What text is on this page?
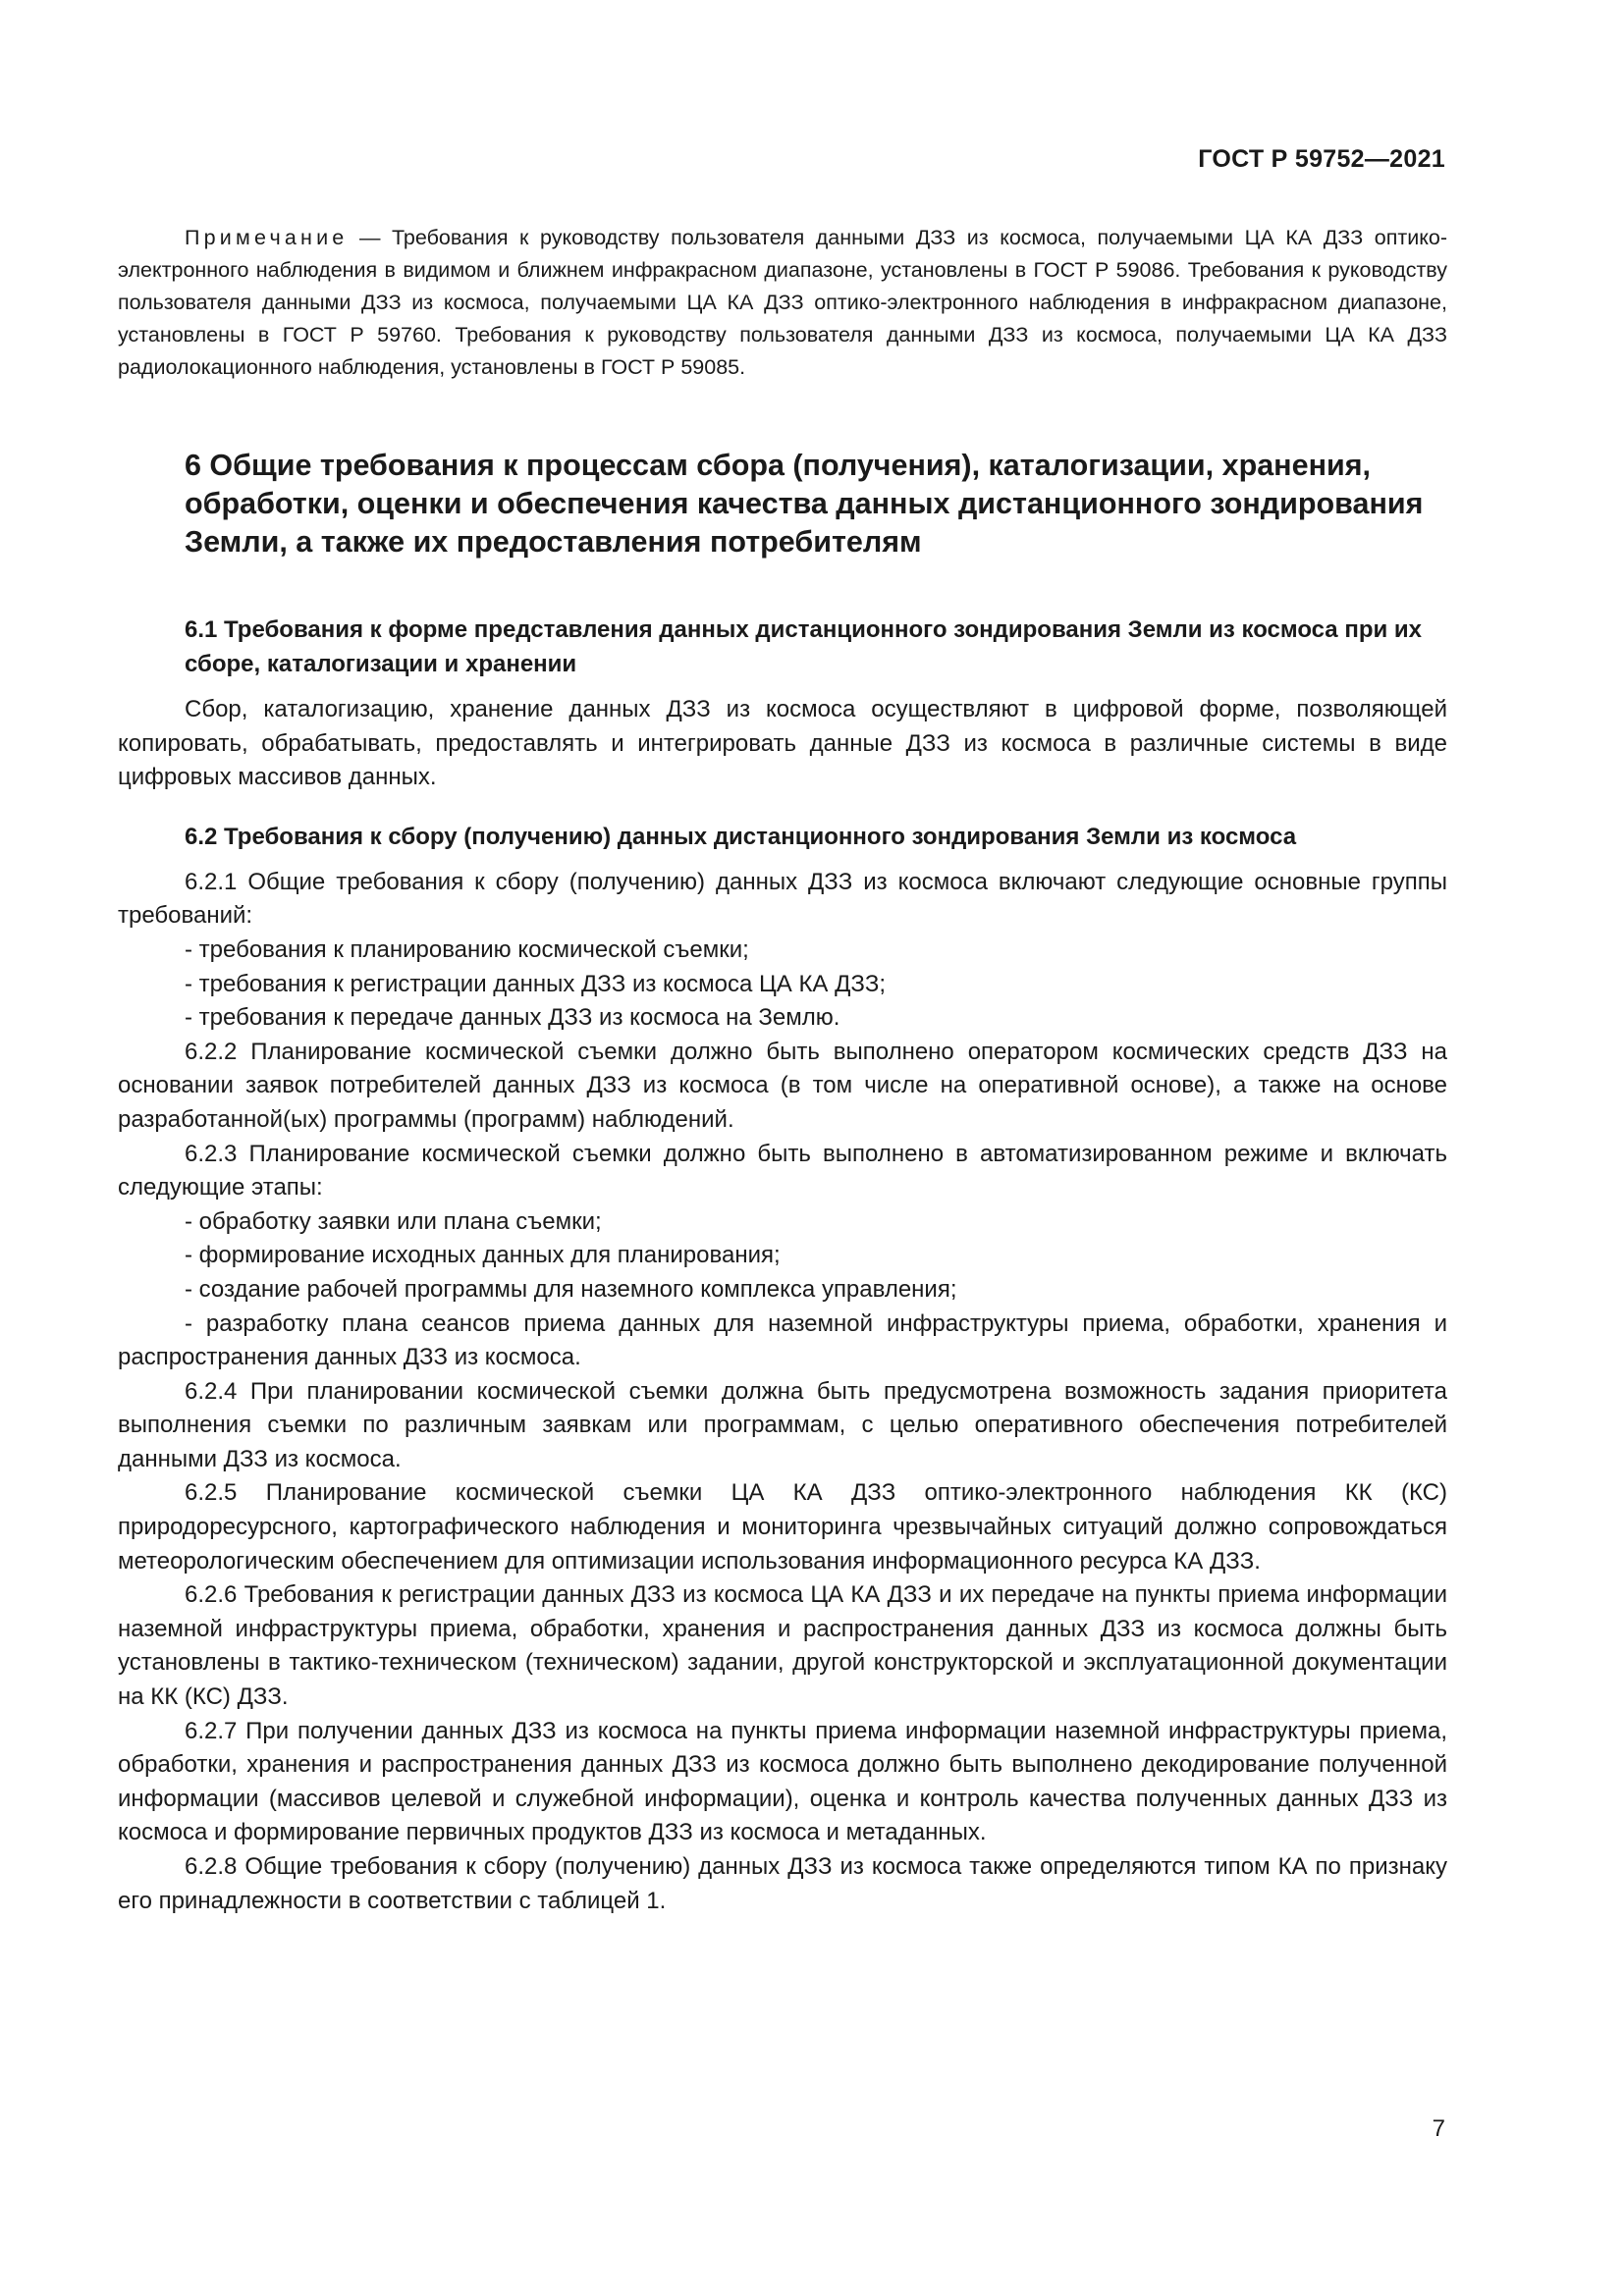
ГОСТ Р 59752—2021

Примечание — Требования к руководству пользователя данными ДЗЗ из космоса, получаемыми ЦА КА ДЗЗ оптико-электронного наблюдения в видимом и ближнем инфракрасном диапазоне, установлены в ГОСТ Р 59086. Требования к руководству пользователя данными ДЗЗ из космоса, получаемыми ЦА КА ДЗЗ оптико-электронного наблюдения в инфракрасном диапазоне, установлены в ГОСТ Р 59760. Требования к руководству пользователя данными ДЗЗ из космоса, получаемыми ЦА КА ДЗЗ радиолокационного наблюдения, установлены в ГОСТ Р 59085.

6 Общие требования к процессам сбора (получения), каталогизации, хранения, обработки, оценки и обеспечения качества данных дистанционного зондирования Земли, а также их предоставления потребителям
6.1 Требования к форме представления данных дистанционного зондирования Земли из космоса при их сборе, каталогизации и хранении

Сбор, каталогизацию, хранение данных ДЗЗ из космоса осуществляют в цифровой форме, позволяющей копировать, обрабатывать, предоставлять и интегрировать данные ДЗЗ из космоса в различные системы в виде цифровых массивов данных.

6.2 Требования к сбору (получению) данных дистанционного зондирования Земли из космоса

6.2.1 Общие требования к сбору (получению) данных ДЗЗ из космоса включают следующие основные группы требований:

- требования к планированию космической съемки;

- требования к регистрации данных ДЗЗ из космоса ЦА КА ДЗЗ;

- требования к передаче данных ДЗЗ из космоса на Землю.

6.2.2 Планирование космической съемки должно быть выполнено оператором космических средств ДЗЗ на основании заявок потребителей данных ДЗЗ из космоса (в том числе на оперативной основе), а также на основе разработанной(ых) программы (программ) наблюдений.

6.2.3 Планирование космической съемки должно быть выполнено в автоматизированном режиме и включать следующие этапы:

- обработку заявки или плана съемки;

- формирование исходных данных для планирования;

- создание рабочей программы для наземного комплекса управления;

- разработку плана сеансов приема данных для наземной инфраструктуры приема, обработки, хранения и распространения данных ДЗЗ из космоса.

6.2.4 При планировании космической съемки должна быть предусмотрена возможность задания приоритета выполнения съемки по различным заявкам или программам, с целью оперативного обеспечения потребителей данными ДЗЗ из космоса.

6.2.5 Планирование космической съемки ЦА КА ДЗЗ оптико-электронного наблюдения КК (КС) природоресурсного, картографического наблюдения и мониторинга чрезвычайных ситуаций должно сопровождаться метеорологическим обеспечением для оптимизации использования информационного ресурса КА ДЗЗ.

6.2.6 Требования к регистрации данных ДЗЗ из космоса ЦА КА ДЗЗ и их передаче на пункты приема информации наземной инфраструктуры приема, обработки, хранения и распространения данных ДЗЗ из космоса должны быть установлены в тактико-техническом (техническом) задании, другой конструкторской и эксплуатационной документации на КК (КС) ДЗЗ.

6.2.7 При получении данных ДЗЗ из космоса на пункты приема информации наземной инфраструктуры приема, обработки, хранения и распространения данных ДЗЗ из космоса должно быть выполнено декодирование полученной информации (массивов целевой и служебной информации), оценка и контроль качества полученных данных ДЗЗ из космоса и формирование первичных продуктов ДЗЗ из космоса и метаданных.

6.2.8 Общие требования к сбору (получению) данных ДЗЗ из космоса также определяются типом КА по признаку его принадлежности в соответствии с таблицей 1.

7
